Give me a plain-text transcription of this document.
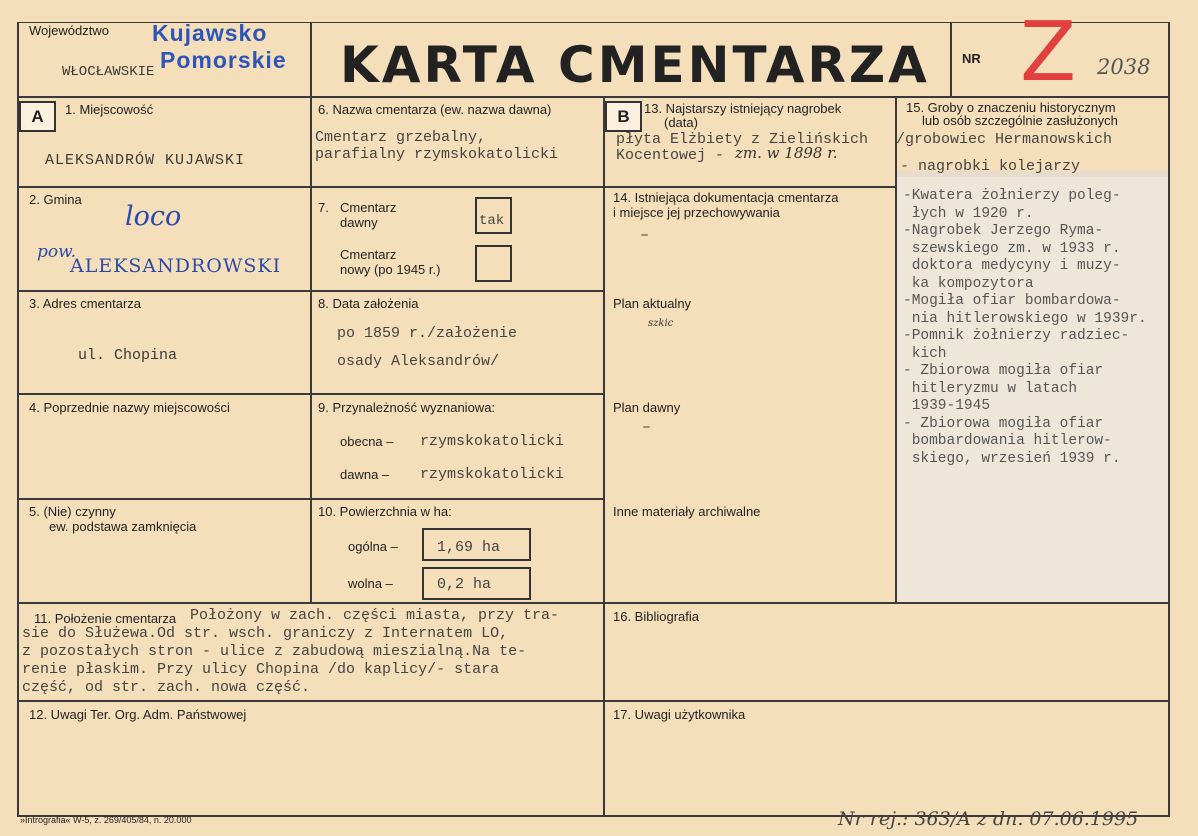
Województwo
WŁOCŁAWSKIE
Kujawsko
Pomorskie KARTA CMENTARZA NR Z 2038
A	1. Miejscowość
ALEKSANDRÓW KUJAWSKI
2. Gmina
loco
pow.
ALEKSANDROWSKI
3. Adres cmentarza
ul. Chopina
4. Poprzednie nazwy miejscowości
5. (Nie) czynny
ew. podstawa zamknięcia
6. Nazwa cmentarza (ew. nazwa dawna)
Cmentarz grzebalny,
parafialny rzymskokatolicki
7. Cmentarz
dawny	tak
Cmentarz
nowy (po 1945 r.)
8. Data założenia
po 1859 r./założenie
osady Aleksandrów/
9. Przynależność wyznaniowa:
obecna – rzymskokatolicki
dawna – rzymskokatolicki
10. Powierzchnia w ha:
ogólna –	1,69 ha
wolna –	0,2 ha
B	13. Najstarszy istniejący nagrobek
(data)
płyta Elżbiety z Zielińskich
Kocentowej - zm. w 1898 r.
14. Istniejąca dokumentacja cmentarza
i miejsce jej przechowywania
–
Plan aktualny
szkic
Plan dawny
–
Inne materiały archiwalne
15. Groby o znaczeniu historycznym
lub osób szczególnie zasłużonych
/grobowiec Hermanowskich
- nagrobki kolejarzy
-Kwatera żołnierzy poleg-
łych w 1920 r.
-Nagrobek Jerzego Ryma-
szewskiego zm. w 1933 r.
doktora medycyny i muzy-
ka kompozytora
-Mogiła ofiar bombardowa-
nia hitlerowskiego w 1939r.
-Pomnik żołnierzy radziec-
kich
- Zbiorowa mogiła ofiar
hitleryzmu w latach
1939-1945
- Zbiorowa mogiła ofiar
bombardowania hitlerow-
skiego, wrzesień 1939 r.
11. Położenie cmentarza Położony w zach. części miasta, przy tra-
sie do Służewa.Od str. wsch. graniczy z Internatem LO,
z pozostałych stron - ulice z zabudową mieszialną.Na te-
renie płaskim. Przy ulicy Chopina /do kaplicy/- stara
część, od str. zach. nowa część.
16. Bibliografia
12. Uwagi Ter. Org. Adm. Państwowej	17. Uwagi użytkownika
»Intrografia« W-5, z. 269/405/84, n. 20.000	Nr rej.: 363/A z dn. 07.06.1995
